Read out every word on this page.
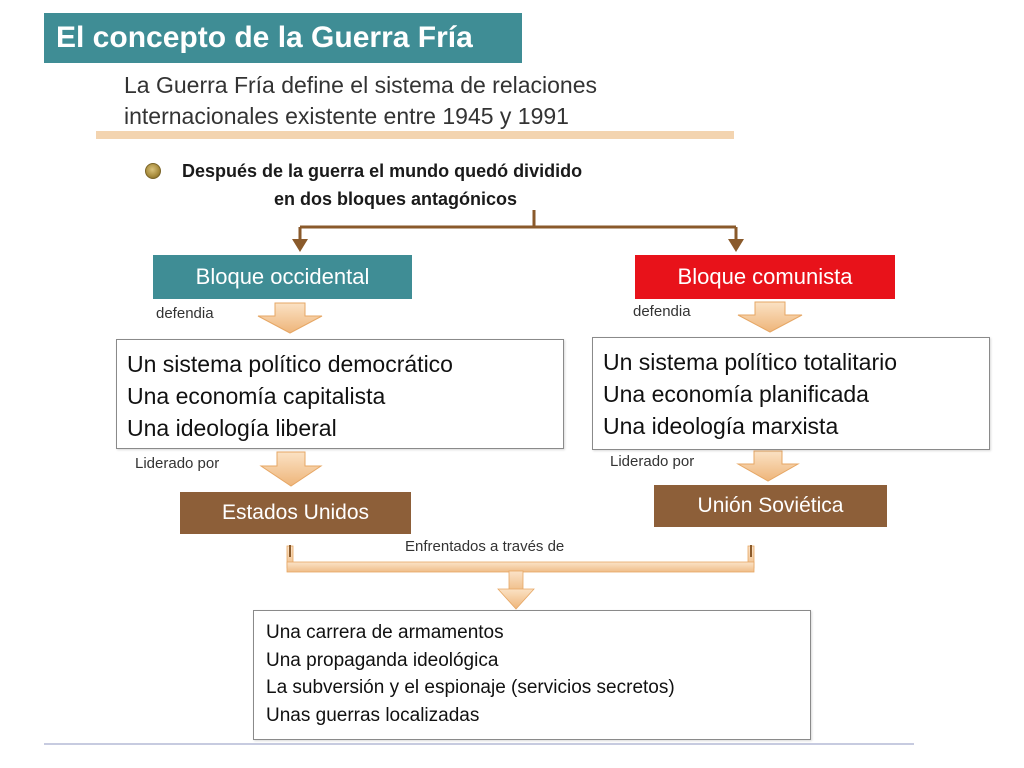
El concepto de la Guerra Fría
La Guerra Fría define el sistema de relaciones
internacionales existente entre 1945 y 1991
Después de la guerra el mundo quedó dividido
en dos bloques antagónicos
Bloque occidental
defendia
Un sistema político democrático
Una economía capitalista
Una ideología liberal
Liderado por
Estados Unidos
Bloque comunista
defendia
Un sistema político totalitario
Una economía planificada
Una ideología marxista
Liderado por
Unión Soviética
Enfrentados a través de
Una carrera de armamentos
Una propaganda ideológica
La subversión y el espionaje (servicios secretos)
Unas guerras localizadas
